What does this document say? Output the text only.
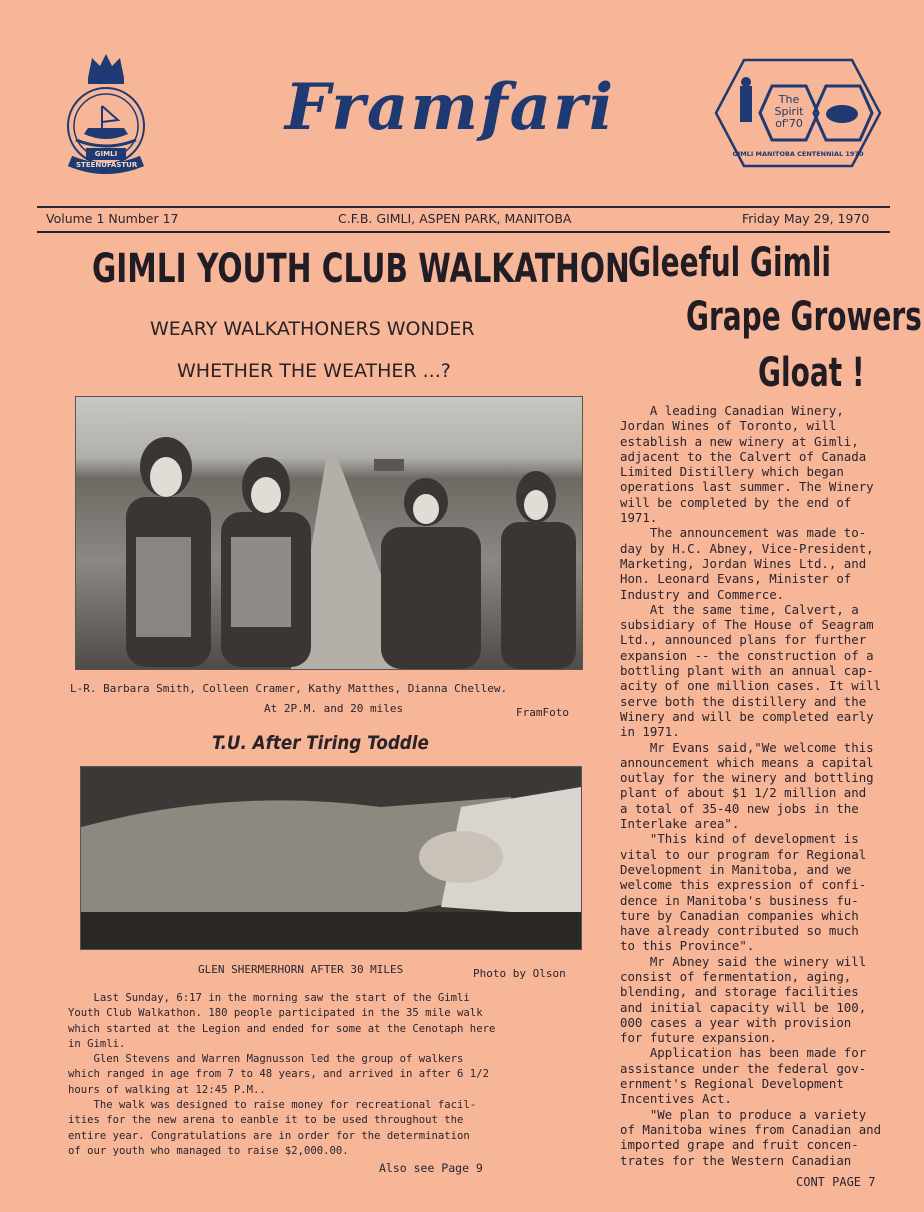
GIMLI STEENUFASTUR
Framfari	The
Spirit
of'70
GIMLI MANITOBA CENTENNIAL 1970
Volume 1 Number 17	C.F.B. GIMLI, ASPEN PARK, MANITOBA	Friday May 29, 1970
GIMLI YOUTH CLUB WALKATHON
WEARY WALKATHONERS WONDER
WHETHER THE WEATHER ...?
L-R. Barbara Smith, Colleen Cramer, Kathy Matthes, Dianna Chellew.
At 2P.M. and 20 miles	FramFoto
T.U. After Tiring Toddle
GLEN SHERMERHORN AFTER 30 MILES	Photo by Olson
Last Sunday, 6:17 in the morning saw the start of the Gimli
Youth Club Walkathon. 180 people participated in the 35 mile walk
which started at the Legion and ended for some at the Cenotaph here
in Gimli.
Glen Stevens and Warren Magnusson led the group of walkers
which ranged in age from 7 to 48 years, and arrived in after 6 1/2
hours of walking at 12:45 P.M..
The walk was designed to raise money for recreational facil-
ities for the new arena to eanble it to be used throughout the
entire year. Congratulations are in order for the determination
of our youth who managed to raise $2,000.00.
Also see Page 9
Gleeful Gimli
Grape Growers
Gloat !
A leading Canadian Winery,
Jordan Wines of Toronto, will
establish a new winery at Gimli,
adjacent to the Calvert of Canada
Limited Distillery which began
operations last summer. The Winery
will be completed by the end of
1971.
The announcement was made to-
day by H.C. Abney, Vice-President,
Marketing, Jordan Wines Ltd., and
Hon. Leonard Evans, Minister of
Industry and Commerce.
At the same time, Calvert, a
subsidiary of The House of Seagram
Ltd., announced plans for further
expansion -- the construction of a
bottling plant with an annual cap-
acity of one million cases. It will
serve both the distillery and the
Winery and will be completed early
in 1971.
Mr Evans said,"We welcome this
announcement which means a capital
outlay for the winery and bottling
plant of about $1 1/2 million and
a total of 35-40 new jobs in the
Interlake area".
"This kind of development is
vital to our program for Regional
Development in Manitoba, and we
welcome this expression of confi-
dence in Manitoba's business fu-
ture by Canadian companies which
have already contributed so much
to this Province".
Mr Abney said the winery will
consist of fermentation, aging,
blending, and storage facilities
and initial capacity will be 100,
000 cases a year with provision
for future expansion.
Application has been made for
assistance under the federal gov-
ernment's Regional Development
Incentives Act.
"We plan to produce a variety
of Manitoba wines from Canadian and
imported grape and fruit concen-
trates for the Western Canadian
CONT PAGE 7
